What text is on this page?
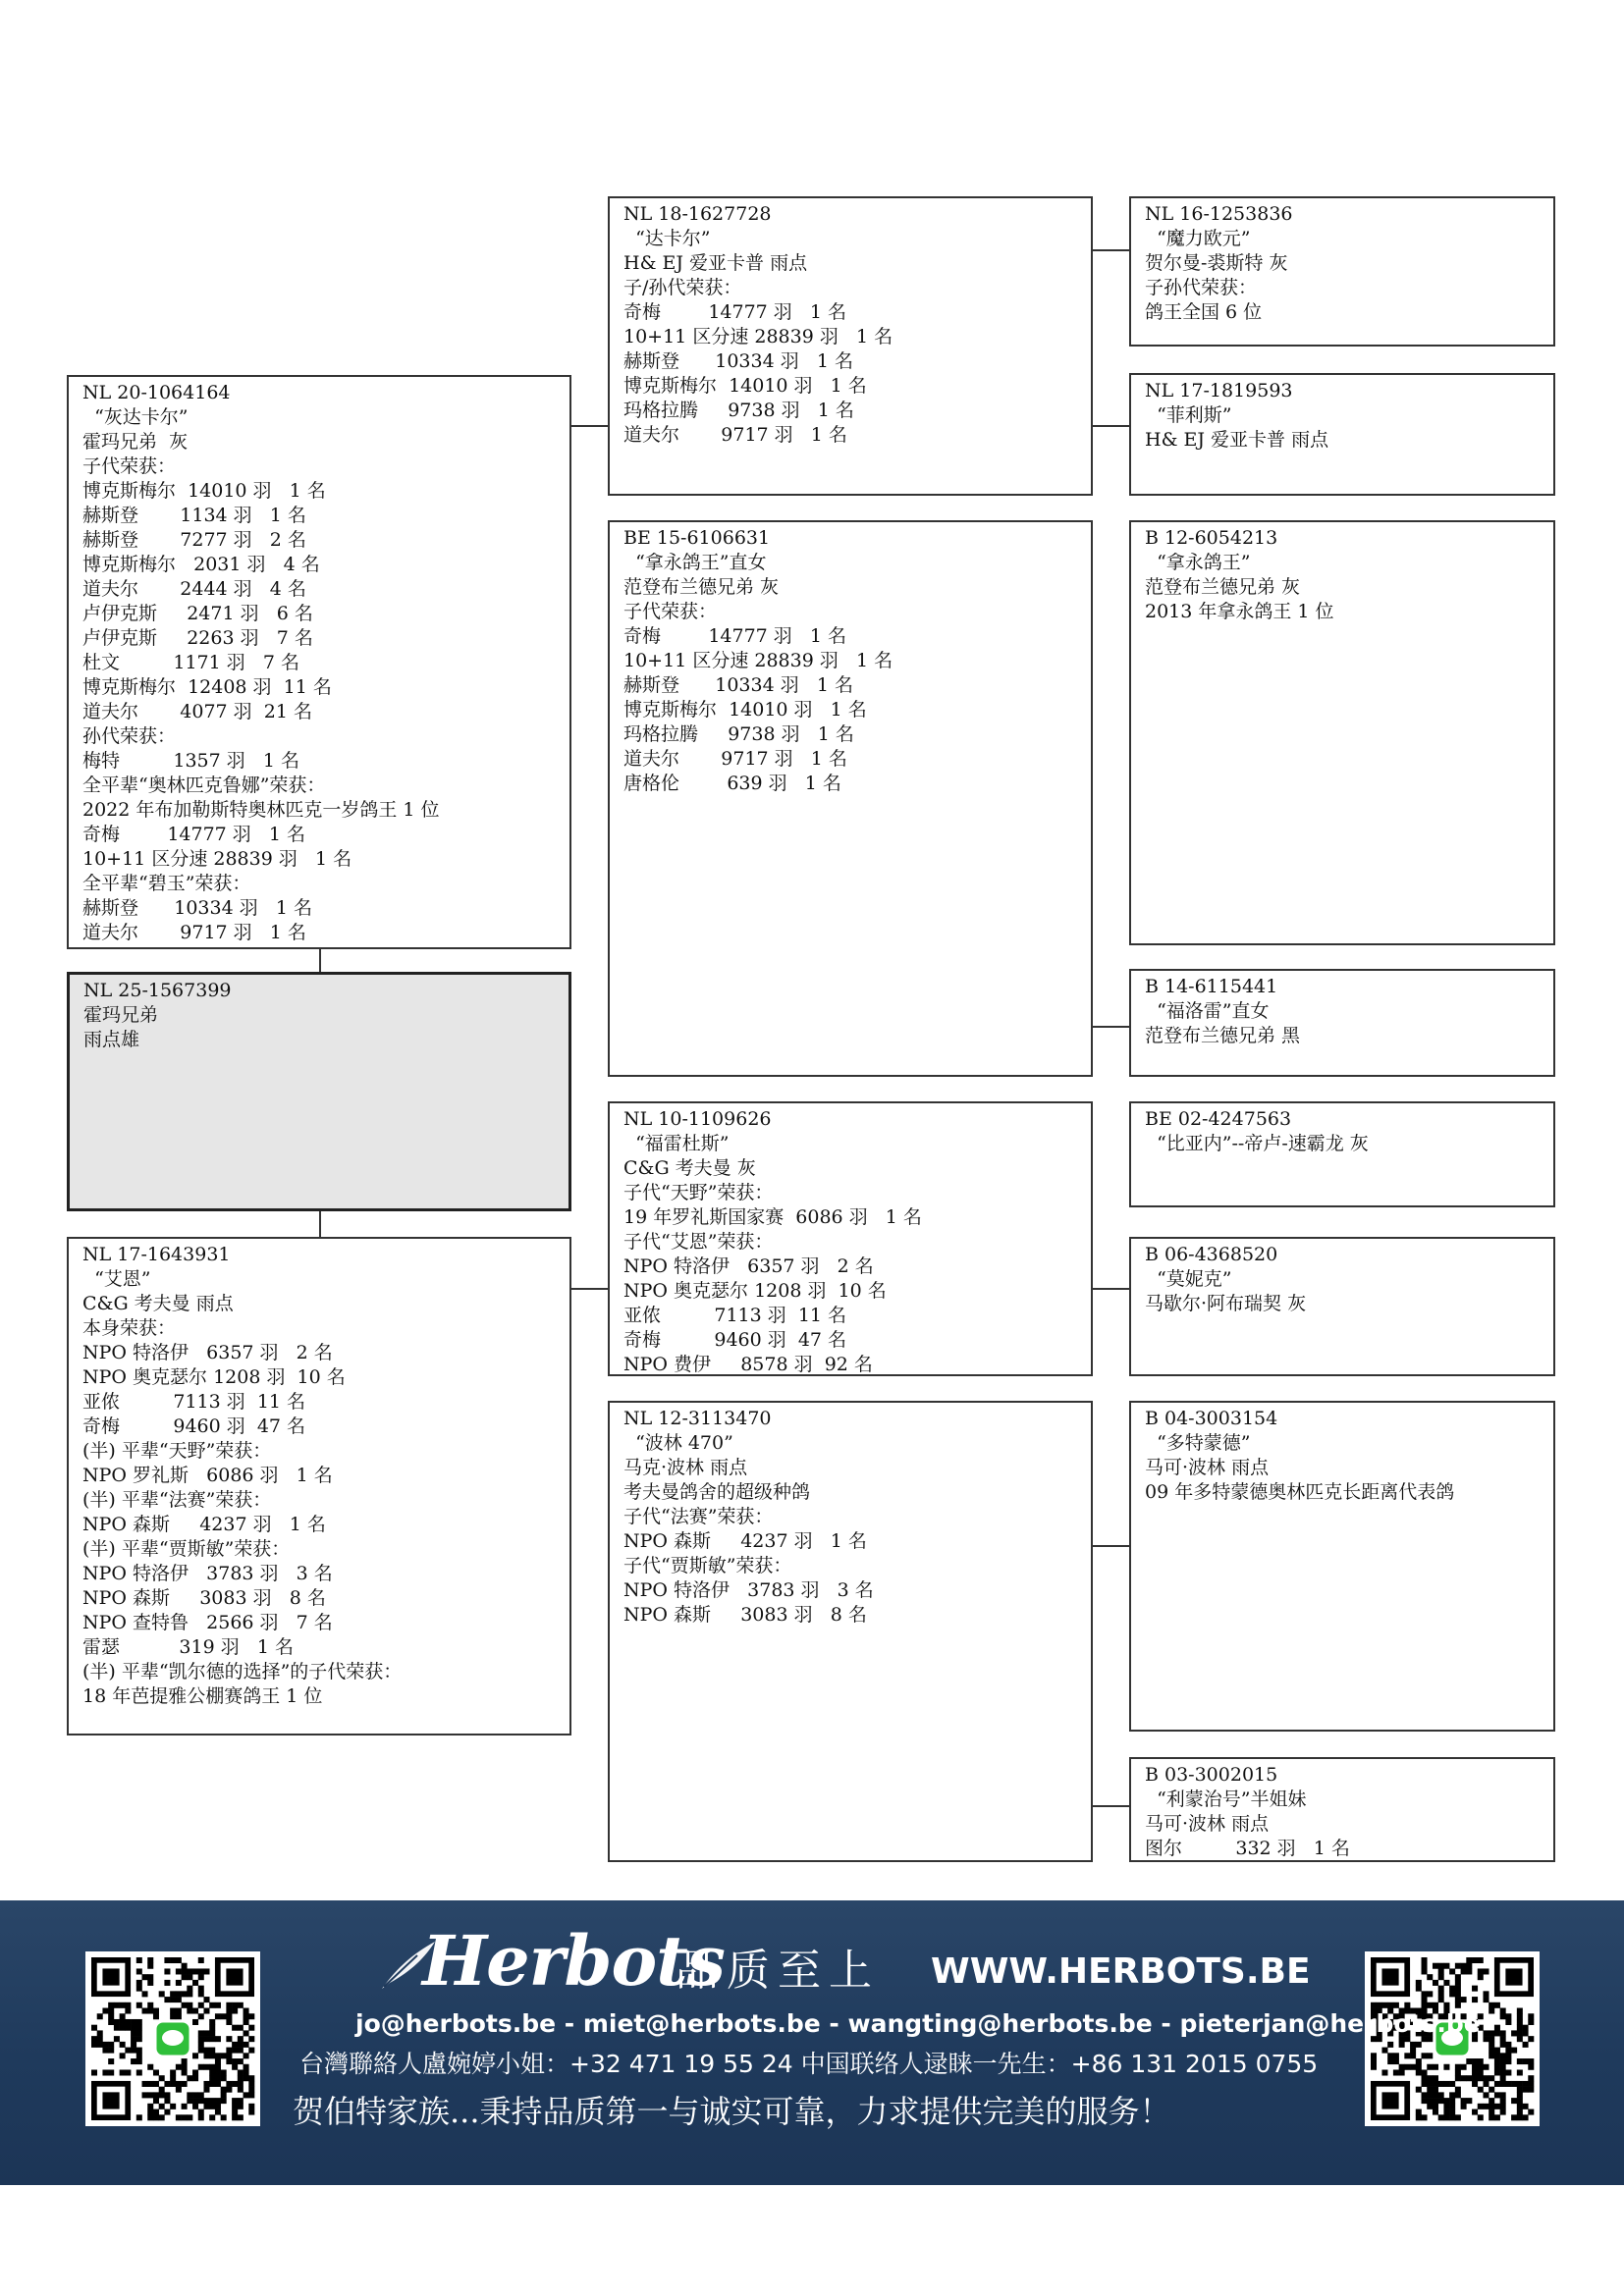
NL 20-1064164
“灰达卡尔”
霍玛兄弟  灰
子代荣获：
博克斯梅尔  14010 羽   1 名
赫斯登       1134 羽   1 名
赫斯登       7277 羽   2 名
博克斯梅尔   2031 羽   4 名
道夫尔       2444 羽   4 名
卢伊克斯     2471 羽   6 名
卢伊克斯     2263 羽   7 名
杜文         1171 羽   7 名
博克斯梅尔  12408 羽  11 名
道夫尔       4077 羽  21 名
孙代荣获：
梅特         1357 羽   1 名
全平辈“奥林匹克鲁娜”荣获：
2022 年布加勒斯特奥林匹克一岁鸽王 1 位
奇梅        14777 羽   1 名
10+11 区分速 28839 羽   1 名
全平辈“碧玉”荣获：
赫斯登      10334 羽   1 名
道夫尔       9717 羽   1 名
NL 25-1567399
霍玛兄弟
雨点雄
NL 17-1643931
“艾恩”
C&G 考夫曼 雨点
本身荣获：
NPO 特洛伊   6357 羽   2 名
NPO 奥克瑟尔 1208 羽  10 名
亚侬         7113 羽  11 名
奇梅         9460 羽  47 名
(半) 平辈“天野”荣获：
NPO 罗礼斯   6086 羽   1 名
(半) 平辈“法赛”荣获：
NPO 森斯     4237 羽   1 名
(半) 平辈“贾斯敏”荣获：
NPO 特洛伊   3783 羽   3 名
NPO 森斯     3083 羽   8 名
NPO 查特鲁   2566 羽   7 名
雷瑟          319 羽   1 名
(半) 平辈“凯尔德的选择”的子代荣获：
18 年芭提雅公棚赛鸽王 1 位
NL 18-1627728
“达卡尔”
H& EJ 爱亚卡普 雨点
子/孙代荣获：
奇梅        14777 羽   1 名
10+11 区分速 28839 羽   1 名
赫斯登      10334 羽   1 名
博克斯梅尔  14010 羽   1 名
玛格拉腾     9738 羽   1 名
道夫尔       9717 羽   1 名
BE 15-6106631
“拿永鸽王”直女
范登布兰德兄弟 灰
子代荣获：
奇梅        14777 羽   1 名
10+11 区分速 28839 羽   1 名
赫斯登      10334 羽   1 名
博克斯梅尔  14010 羽   1 名
玛格拉腾     9738 羽   1 名
道夫尔       9717 羽   1 名
唐格伦        639 羽   1 名
NL 10-1109626
“福雷杜斯”
C&G 考夫曼 灰
子代“天野”荣获：
19 年罗礼斯国家赛  6086 羽   1 名
子代“艾恩”荣获：
NPO 特洛伊   6357 羽   2 名
NPO 奥克瑟尔 1208 羽  10 名
亚侬         7113 羽  11 名
奇梅         9460 羽  47 名
NPO 费伊     8578 羽  92 名
NL 12-3113470
“波林 470”
马克·波林 雨点
考夫曼鸽舍的超级种鸽
子代“法赛”荣获：
NPO 森斯     4237 羽   1 名
子代“贾斯敏”荣获：
NPO 特洛伊   3783 羽   3 名
NPO 森斯     3083 羽   8 名
NL 16-1253836
“魔力欧元”
贺尔曼-裘斯特 灰
子孙代荣获：
鸽王全国 6 位
NL 17-1819593
“菲利斯”
H& EJ 爱亚卡普 雨点
B 12-6054213
“拿永鸽王”
范登布兰德兄弟 灰
2013 年拿永鸽王 1 位
B 14-6115441
“福洛雷”直女
范登布兰德兄弟 黑
BE 02-4247563
“比亚内”--帝卢-速霸龙 灰
B 06-4368520
“莫妮克”
马歇尔·阿布瑞契 灰
B 04-3003154
“多特蒙德”
马可·波林 雨点
09 年多特蒙德奥林匹克长距离代表鸽
B 03-3002015
“利蒙治号”半姐妹
马可·波林 雨点
图尔         332 羽   1 名
Herbots
品质至上 WWW.HERBOTS.BE
jo@herbots.be - miet@herbots.be - wangting@herbots.be - pieterjan@herbots.be
台灣聯絡人盧婉婷小姐：+32 471 19 55 24 中国联络人逯睐一先生：+86 131 2015 0755
贺伯特家族...秉持品质第一与诚实可靠，力求提供完美的服务！
